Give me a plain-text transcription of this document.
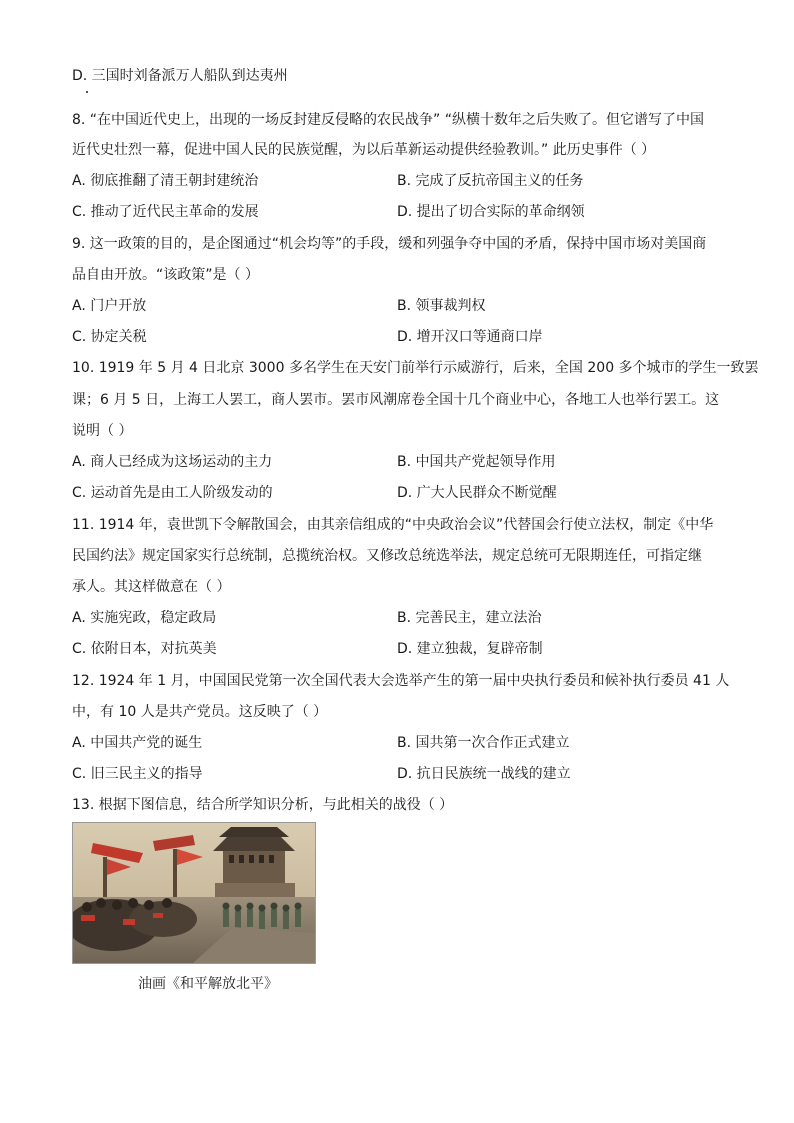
D. 三国时刘备派万人船队到达夷州
8. “在中国近代史上，出现的一场反封建反侵略的农民战争” “纵横十数年之后失败了。但它谱写了中国
近代史壮烈一幕，促进中国人民的民族觉醒，为以后革新运动提供经验教训。” 此历史事件（ ）
A. 彻底推翻了清王朝封建统治	B. 完成了反抗帝国主义的任务
C. 推动了近代民主革命的发展	D. 提出了切合实际的革命纲领
9. 这一政策的目的，是企图通过“机会均等”的手段，缓和列强争夺中国的矛盾，保持中国市场对美国商
品自由开放。“该政策”是（ ）
A. 门户开放	B. 领事裁判权
C. 协定关税	D. 增开汉口等通商口岸
10. 1919 年 5 月 4 日北京 3000 多名学生在天安门前举行示威游行，后来，全国 200 多个城市的学生一致罢
课；6 月 5 日，上海工人罢工，商人罢市。罢市风潮席卷全国十几个商业中心，各地工人也举行罢工。这
说明（ ）
A. 商人已经成为这场运动的主力	B. 中国共产党起领导作用
C. 运动首先是由工人阶级发动的	D. 广大人民群众不断觉醒
11. 1914 年，袁世凯下令解散国会，由其亲信组成的“中央政治会议”代替国会行使立法权，制定《中华
民国约法》规定国家实行总统制，总揽统治权。又修改总统选举法，规定总统可无限期连任，可指定继
承人。其这样做意在（ ）
A. 实施宪政，稳定政局	B. 完善民主，建立法治
C. 依附日本，对抗英美	D. 建立独裁，复辟帝制
12. 1924 年 1 月，中国国民党第一次全国代表大会选举产生的第一届中央执行委员和候补执行委员 41 人
中，有 10 人是共产党员。这反映了（ ）
A. 中国共产党的诞生	B. 国共第一次合作正式建立
C. 旧三民主义的指导	D. 抗日民族统一战线的建立
13. 根据下图信息，结合所学知识分析，与此相关的战役（ ）
油画《和平解放北平》
